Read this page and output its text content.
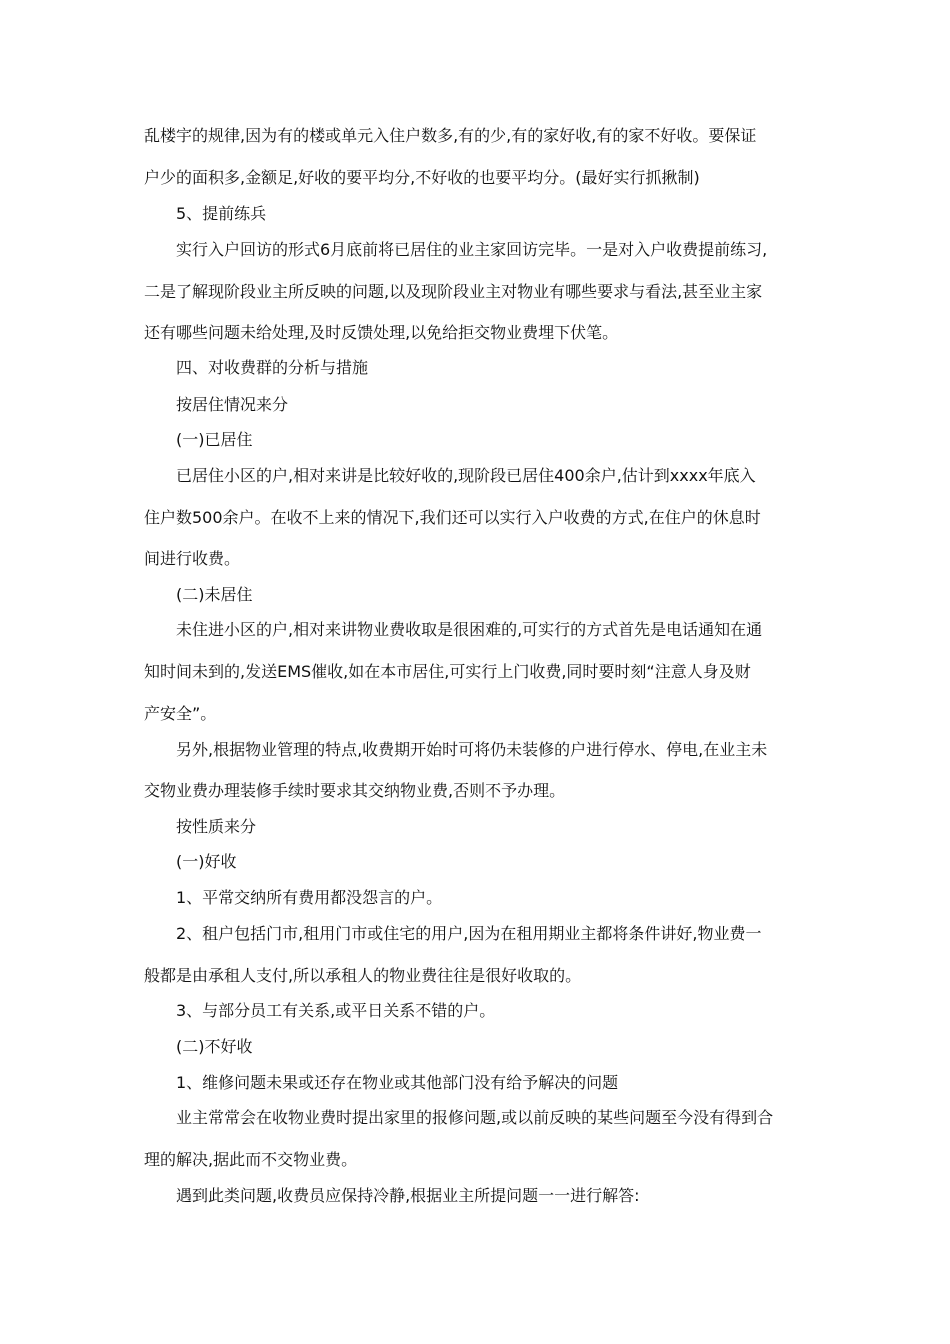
乱楼宇的规律,因为有的楼或单元入住户数多,有的少,有的家好收,有的家不好收。要保证

户少的面积多,金额足,好收的要平均分,不好收的也要平均分。(最好实行抓揪制)

5、提前练兵

实行入户回访的形式6月底前将已居住的业主家回访完毕。一是对入户收费提前练习,

二是了解现阶段业主所反映的问题,以及现阶段业主对物业有哪些要求与看法,甚至业主家

还有哪些问题未给处理,及时反馈处理,以免给拒交物业费埋下伏笔。

四、对收费群的分析与措施

按居住情况来分

(一)已居住

已居住小区的户,相对来讲是比较好收的,现阶段已居住400余户,估计到xxxx年底入

住户数500余户。在收不上来的情况下,我们还可以实行入户收费的方式,在住户的休息时

间进行收费。

(二)未居住

未住进小区的户,相对来讲物业费收取是很困难的,可实行的方式首先是电话通知在通

知时间未到的,发送EMS催收,如在本市居住,可实行上门收费,同时要时刻“注意人身及财

产安全”。

另外,根据物业管理的特点,收费期开始时可将仍未装修的户进行停水、停电,在业主未

交物业费办理装修手续时要求其交纳物业费,否则不予办理。

按性质来分

(一)好收

1、平常交纳所有费用都没怨言的户。

2、租户包括门市,租用门市或住宅的用户,因为在租用期业主都将条件讲好,物业费一

般都是由承租人支付,所以承租人的物业费往往是很好收取的。

3、与部分员工有关系,或平日关系不错的户。

(二)不好收

1、维修问题未果或还存在物业或其他部门没有给予解决的问题

业主常常会在收物业费时提出家里的报修问题,或以前反映的某些问题至今没有得到合

理的解决,据此而不交物业费。

遇到此类问题,收费员应保持冷静,根据业主所提问题一一进行解答:
